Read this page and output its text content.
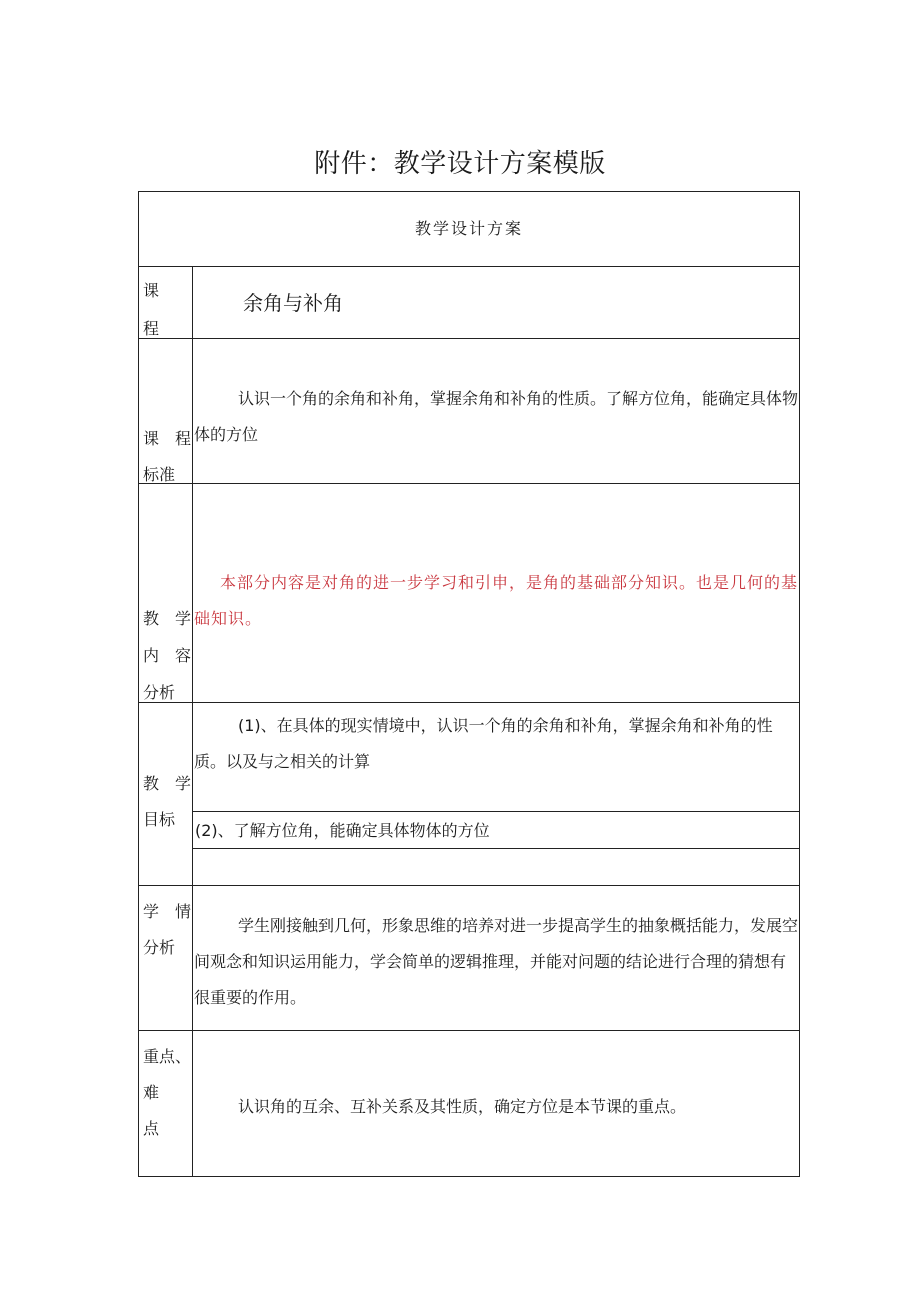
附件：教学设计方案模版
教学设计方案
课
程
余角与补角
课　程
标准
认识一个角的余角和补角，掌握余角和补角的性质。了解方位角，能确定具体物体的方位
教　学
内　容
分析
本部分内容是对角的进一步学习和引申，是角的基础部分知识。也是几何的基础知识。
教　学
目标
(1)、在具体的现实情境中，认识一个角的余角和补角，掌握余角和补角的性质。以及与之相关的计算
(2)、了解方位角，能确定具体物体的方位
学　情
分析
学生刚接触到几何，形象思维的培养对进一步提高学生的抽象概括能力，发展空间观念和知识运用能力，学会简单的逻辑推理，并能对问题的结论进行合理的猜想有很重要的作用。
重点、
难
点
认识角的互余、互补关系及其性质，确定方位是本节课的重点。
